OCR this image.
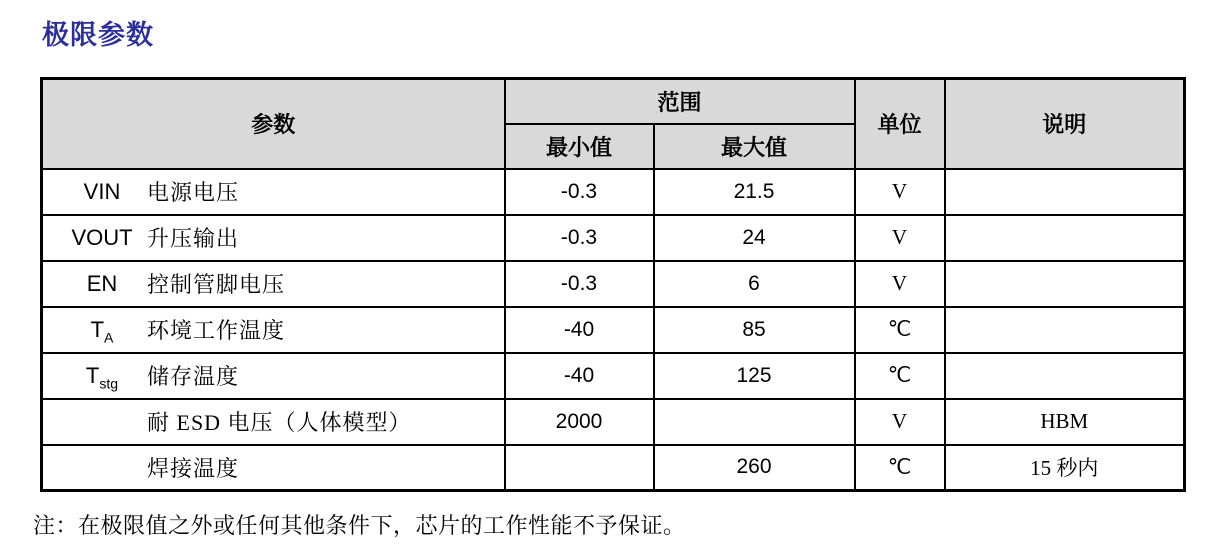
极限参数
参数	范围		单位	说明
	最小值	最大值		

VIN 电源电压	-0.3	21.5	V	

VOUT 升压输出	-0.3	24	V	

EN 控制管脚电压	-0.3	6	V	

$T_A$ 环境工作温度	-40	85	℃	

$T_{stg}$ 储存温度	-40	125	℃	

耐 ESD 电压（人体模型）	2000		V	HBM

焊接温度		260	℃	15 秒内
注：在极限值之外或任何其他条件下，芯片的工作性能不予保证。
